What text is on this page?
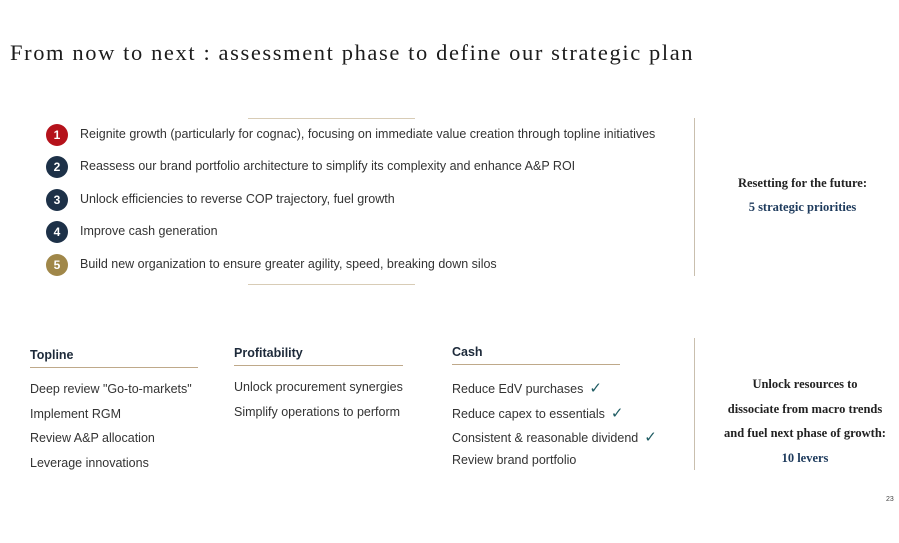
From now to next : assessment phase to define our strategic plan
1	Reignite growth (particularly for cognac), focusing on immediate value creation through topline initiatives
2	Reassess our brand portfolio architecture to simplify its complexity and enhance A&P ROI
3	Unlock efficiencies to reverse COP trajectory, fuel growth
4	Improve cash generation
5	Build new organization to ensure greater agility, speed, breaking down silos
Resetting for the future:
5 strategic priorities
Topline
Deep review "Go-to-markets"
Implement RGM
Review A&P allocation
Leverage innovations
Profitability
Unlock procurement synergies
Simplify operations to perform
Cash
Reduce EdV purchases ✓
Reduce capex to essentials ✓
Consistent & reasonable dividend ✓
Review brand portfolio
Unlock resources to
dissociate from macro trends
and fuel next phase of growth:
10 levers
23
